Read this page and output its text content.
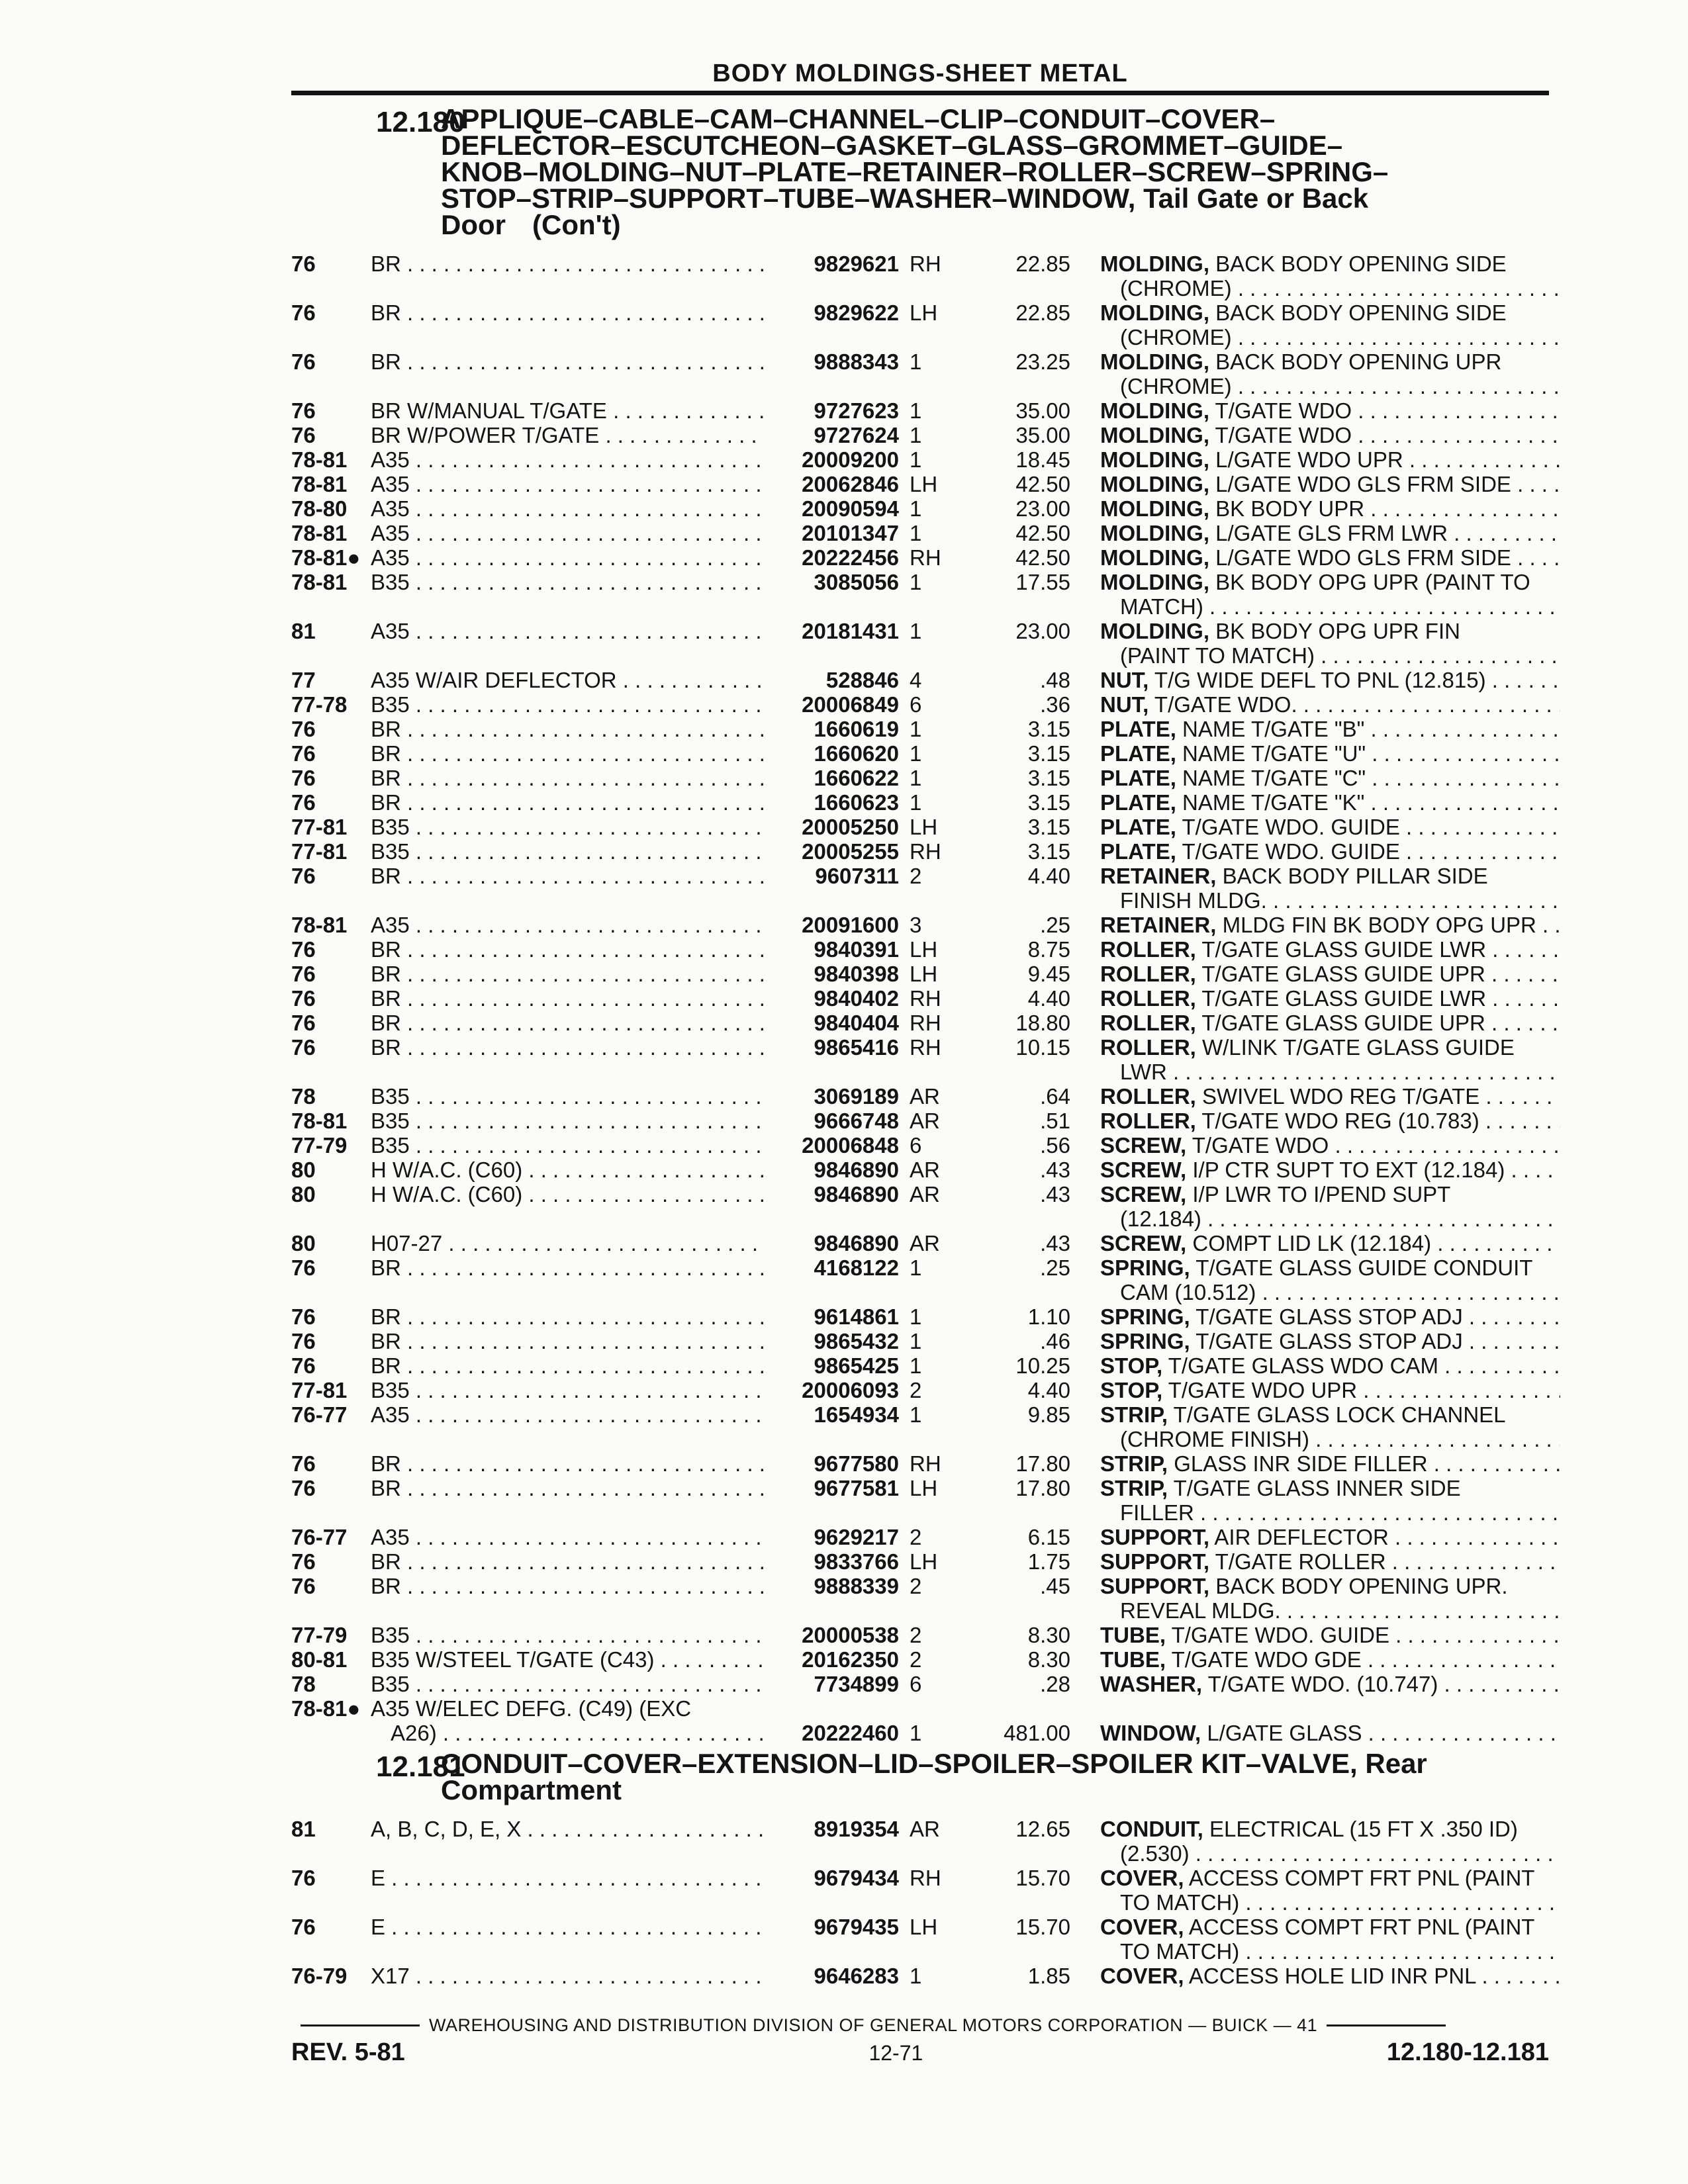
BODY MOLDINGS-SHEET METAL
12.180
APPLIQUE–CABLE–CAM–CHANNEL–CLIP–CONDUIT–COVER–
DEFLECTOR–ESCUTCHEON–GASKET–GLASS–GROMMET–GUIDE–
KNOB–MOLDING–NUT–PLATE–RETAINER–ROLLER–SCREW–SPRING–
STOP–STRIP–SUPPORT–TUBE–WASHER–WINDOW, Tail Gate or Back
Door (Con't)
76	BR . . .	9829621 RH	22.85 MOLDING, BACK BODY OPENING SIDE
(CHROME) . . .
76	BR . . .	9829622 LH	22.85 MOLDING, BACK BODY OPENING SIDE
(CHROME) . . .
76	BR . . .	9888343 1	23.25 MOLDING, BACK BODY OPENING UPR
(CHROME) . . .
76	BR W/MANUAL T/GATE . . .	9727623 1	35.00 MOLDING, T/GATE WDO . . .
76	BR W/POWER T/GATE . . .	9727624 1	35.00 MOLDING, T/GATE WDO . . .
78-81	A35 . . .	20009200 1	18.45 MOLDING, L/GATE WDO UPR . . .
78-81	A35 . . .	20062846 LH	42.50 MOLDING, L/GATE WDO GLS FRM SIDE . . .
78-80	A35 . . .	20090594 1	23.00 MOLDING, BK BODY UPR . . .
78-81	A35 . . .	20101347 1	42.50 MOLDING, L/GATE GLS FRM LWR . . .
78-81● A35 . . .	20222456 RH	42.50 MOLDING, L/GATE WDO GLS FRM SIDE . . .
78-81	B35 . . .	3085056 1	17.55 MOLDING, BK BODY OPG UPR (PAINT TO
MATCH) . . .
81	A35 . . .	20181431 1	23.00 MOLDING, BK BODY OPG UPR FIN
(PAINT TO MATCH) . . .
77	A35 W/AIR DEFLECTOR . . .	528846 4	.48 NUT, T/G WIDE DEFL TO PNL (12.815) . . .
77-78	B35 . . .	20006849 6	.36 NUT, T/GATE WDO. . . .
76	BR . . .	1660619 1	3.15 PLATE, NAME T/GATE "B" . . .
76	BR . . .	1660620 1	3.15 PLATE, NAME T/GATE "U" . . .
76	BR . . .	1660622 1	3.15 PLATE, NAME T/GATE "C" . . .
76	BR . . .	1660623 1	3.15 PLATE, NAME T/GATE "K" . . .
77-81	B35 . . .	20005250 LH	3.15 PLATE, T/GATE WDO. GUIDE . . .
77-81	B35 . . .	20005255 RH	3.15 PLATE, T/GATE WDO. GUIDE . . .
76	BR . . .	9607311 2	4.40 RETAINER, BACK BODY PILLAR SIDE
FINISH MLDG. . . .
78-81	A35 . . .	20091600 3	.25 RETAINER, MLDG FIN BK BODY OPG UPR . . .
76	BR . . .	9840391 LH	8.75 ROLLER, T/GATE GLASS GUIDE LWR . . .
76	BR . . .	9840398 LH	9.45 ROLLER, T/GATE GLASS GUIDE UPR . . .
76	BR . . .	9840402 RH	4.40 ROLLER, T/GATE GLASS GUIDE LWR . . .
76	BR . . .	9840404 RH	18.80 ROLLER, T/GATE GLASS GUIDE UPR . . .
76	BR . . .	9865416 RH	10.15 ROLLER, W/LINK T/GATE GLASS GUIDE
LWR . . .
78	B35 . . .	3069189 AR	.64 ROLLER, SWIVEL WDO REG T/GATE . . .
78-81	B35 . . .	9666748 AR	.51 ROLLER, T/GATE WDO REG (10.783) . . .
77-79	B35 . . .	20006848 6	.56 SCREW, T/GATE WDO . . .
80	H W/A.C. (C60) . . .	9846890 AR	.43 SCREW, I/P CTR SUPT TO EXT (12.184) . . .
80	H W/A.C. (C60) . . .	9846890 AR	.43 SCREW, I/P LWR TO I/PEND SUPT
(12.184) . . .
80	H07-27 . . .	9846890 AR	.43 SCREW, COMPT LID LK (12.184) . . .
76	BR . . .	4168122 1	.25 SPRING, T/GATE GLASS GUIDE CONDUIT
CAM (10.512) . . .
76	BR . . .	9614861 1	1.10 SPRING, T/GATE GLASS STOP ADJ . . .
76	BR . . .	9865432 1	.46 SPRING, T/GATE GLASS STOP ADJ . . .
76	BR . . .	9865425 1	10.25 STOP, T/GATE GLASS WDO CAM . . .
77-81	B35 . . .	20006093 2	4.40 STOP, T/GATE WDO UPR . . .
76-77	A35 . . .	1654934 1	9.85 STRIP, T/GATE GLASS LOCK CHANNEL
(CHROME FINISH) . . .
76	BR . . .	9677580 RH	17.80 STRIP, GLASS INR SIDE FILLER . . .
76	BR . . .	9677581 LH	17.80 STRIP, T/GATE GLASS INNER SIDE
FILLER . . .
76-77	A35 . . .	9629217 2	6.15 SUPPORT, AIR DEFLECTOR . . .
76	BR . . .	9833766 LH	1.75 SUPPORT, T/GATE ROLLER . . .
76	BR . . .	9888339 2	.45 SUPPORT, BACK BODY OPENING UPR.
REVEAL MLDG. . . .
77-79	B35 . . .	20000538 2	8.30 TUBE, T/GATE WDO. GUIDE . . .
80-81	B35 W/STEEL T/GATE (C43) . . .	20162350 2	8.30 TUBE, T/GATE WDO GDE . . .
78	B35 . . .	7734899 6	.28 WASHER, T/GATE WDO. (10.747) . . .
78-81● A35 W/ELEC DEFG. (C49) (EXC
A26) . . .	20222460 1	481.00 WINDOW, L/GATE GLASS . . .
12.181
CONDUIT–COVER–EXTENSION–LID–SPOILER–SPOILER KIT–VALVE, Rear
Compartment
81	A, B, C, D, E, X . . .	8919354 AR	12.65 CONDUIT, ELECTRICAL (15 FT X .350 ID)
(2.530) . . .
76	E . . .	9679434 RH	15.70 COVER, ACCESS COMPT FRT PNL (PAINT
TO MATCH) . . .
76	E . . .	9679435 LH	15.70 COVER, ACCESS COMPT FRT PNL (PAINT
TO MATCH) . . .
76-79	X17 . . .	9646283 1	1.85 COVER, ACCESS HOLE LID INR PNL . . .
WAREHOUSING AND DISTRIBUTION DIVISION OF GENERAL MOTORS CORPORATION — BUICK — 41
REV. 5-81	12-71	12.180-12.181
